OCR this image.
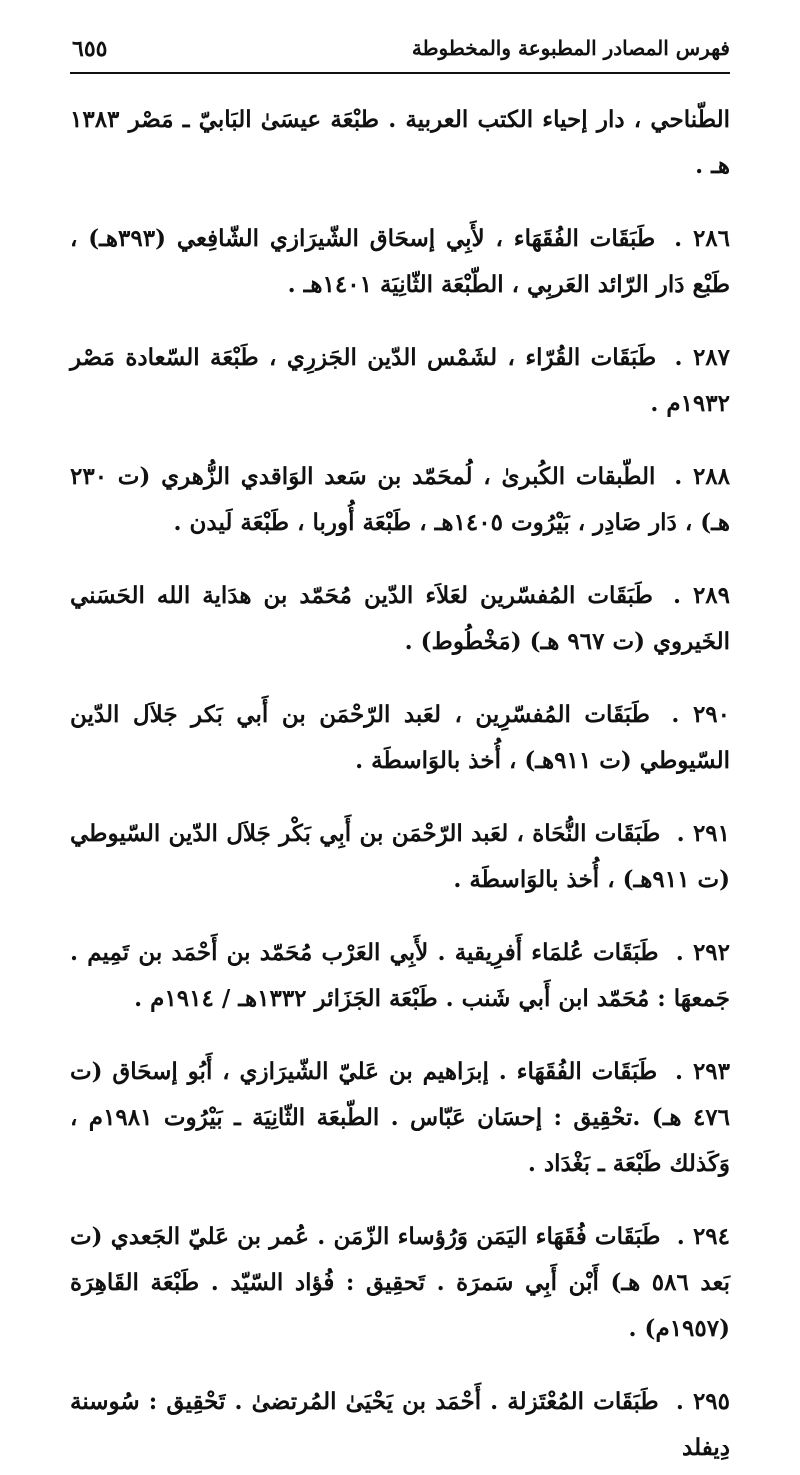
فهرس المصادر المطبوعة والمخطوطة
٦٥٥

الطّناحي ، دار إحياء الكتب العربية . طبْعَة عيسَىٰ البَابيّ ـ مَصْر ١٣٨٣ هـ .

٢٨٦ . طَبَقَات الفُقَهَاء ، لأَبِي إسحَاق الشّيرَازي الشّافِعي (٣٩٣هـ) ، طَبْع دَار الرّائد العَربِي ، الطّبْعَة الثّانِيَة ١٤٠١هـ .

٢٨٧ . طَبَقَات القُرّاء ، لشَمْس الدّين الجَزرِي ، طَبْعَة السّعادة مَصْر ١٩٣٢م .

٢٨٨ . الطّبقات الكُبرىٰ ، لُمحَمّد بن سَعد الوَاقدي الزُّهري (ت ٢٣٠ هـ) ، دَار صَادِر ، بَيْرُوت ١٤٠٥هـ ، طَبْعَة أُوربا ، طَبْعَة لَيدن .

٢٨٩ . طَبَقَات المُفسّرين لعَلاَء الدّين مُحَمّد بن هدَاية الله الحَسَني الخَيروي (ت ٩٦٧ هـ) (مَخْطُوط) .

٢٩٠ . طَبَقَات المُفسّرِين ، لعَبد الرّحْمَن بن أَبي بَكر جَلاَل الدّين السّيوطي (ت ٩١١هـ) ، أُخذ بالوَاسطَة .

٢٩١ . طَبَقَات النُّحَاة ، لعَبد الرّحْمَن بن أَبِي بَكْر جَلاَل الدّين السّيوطي (ت ٩١١هـ) ، أُخذ بالوَاسطَة .

٢٩٢ . طَبَقَات عُلمَاء أَفرِيقية . لأَبِي العَرْب مُحَمّد بن أَحْمَد بن تَمِيم . جَمعهَا : مُحَمّد ابن أَبي شَنب . طَبْعَة الجَزَائر ١٣٣٢هـ / ١٩١٤م .

٢٩٣ . طَبَقَات الفُقَهَاء . إبرَاهيم بن عَليّ الشّيرَازي ، أَبُو إسحَاق (ت ٤٧٦ هـ) .تحْقِيق : إحسَان عَبّاس . الطّبعَة الثّانِيَة ـ بَيْرُوت ١٩٨١م ، وَكَذلك طَبْعَة ـ بَغْدَاد .

٢٩٤ . طَبَقَات فُقَهَاء اليَمَن وَرُؤساء الزّمَن . عُمر بن عَليّ الجَعدي (ت بَعد ٥٨٦ هـ) أَبْن أَبِي سَمرَة . تَحقِيق : فُؤاد السّيّد . طَبْعَة القَاهِرَة (١٩٥٧م) .

٢٩٥ . طَبَقَات المُعْتَزلة . أَحْمَد بن يَحْيَىٰ المُرتضىٰ . تَحْقِيق : سُوسنة دِيفلد
